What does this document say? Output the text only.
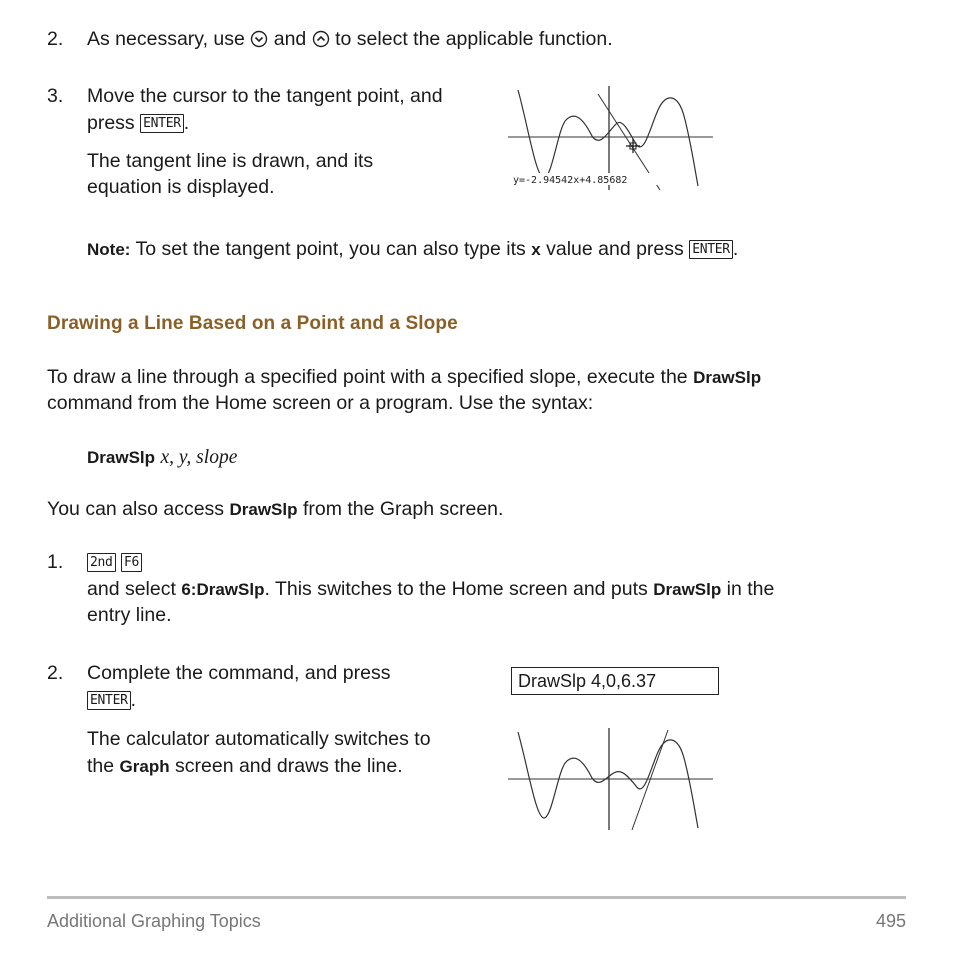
2. As necessary, use and to select the applicable function.
3. Move the cursor to the tangent point, and
press ENTER .
The tangent line is drawn, and its
equation is displayed.	y=-2.94542x+4.85682
Note: To set the tangent point, you can also type its x value and press ENTER .
Drawing a Line Based on a Point and a Slope
To draw a line through a specified point with a specified slope, execute the DrawSlp
command from the Home screen or a program. Use the syntax:
DrawSlp x, y, slope
You can also access DrawSlp from the Graph screen.
1. 2nd F6
and select 6:DrawSlp. This switches to the Home screen and puts DrawSlp in the
entry line.
2. Complete the command, and press
ENTER .
The calculator automatically switches to
the Graph screen and draws the line.
DrawSlp 4,0,6.37
Additional Graphing Topics	495
